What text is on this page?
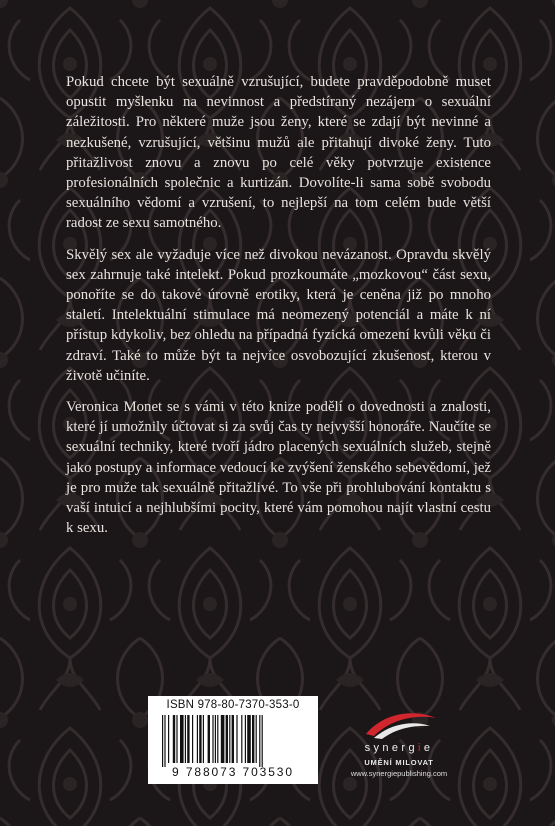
Pokud chcete být sexuálně vzrušující, budete pravděpodobně muset opustit myšlenku na nevinnost a předstíraný nezájem o sexuální záležitosti. Pro některé muže jsou ženy, které se zdají být nevinné a nezkušené, vzrušující, většinu mužů ale přitahují divoké ženy. Tuto přitažlivost znovu a znovu po celé věky potvrzuje existence profesionálních společnic a kurtizán. Dovolíte-li sama sobě svobodu sexuálního vědomí a vzrušení, to nejlepší na tom celém bude větší radost ze sexu samotného.

Skvělý sex ale vyžaduje více než divokou nevázanost. Opravdu skvělý sex zahrnuje také intelekt. Pokud prozkoumáte „mozkovou“ část sexu, ponoříte se do takové úrovně erotiky, která je ceněna již po mnoho staletí. Intelektuální stimulace má neomezený potenciál a máte k ní přístup kdykoliv, bez ohledu na případná fyzická omezení kvůli věku či zdraví. Také to může být ta nejvíce osvobozující zkušenost, kterou v životě učiníte.

Veronica Monet se s vámi v této knize podělí o dovednosti a znalosti, které jí umožnily účtovat si za svůj čas ty nejvyšší honoráře. Naučíte se sexuální techniky, které tvoří jádro placených sexuálních služeb, stejně jako postupy a informace vedoucí ke zvýšení ženského sebevědomí, jež je pro muže tak sexuálně přitažlivé. To vše při prohlubování kontaktu s vaší intuicí a nejhlubšími pocity, které vám pomohou najít vlastní cestu k sexu.

ISBN 978-80-7370-353-0
9 788073 703530
synergie
UMĚNÍ MILOVAT
www.synergiepublishing.com
